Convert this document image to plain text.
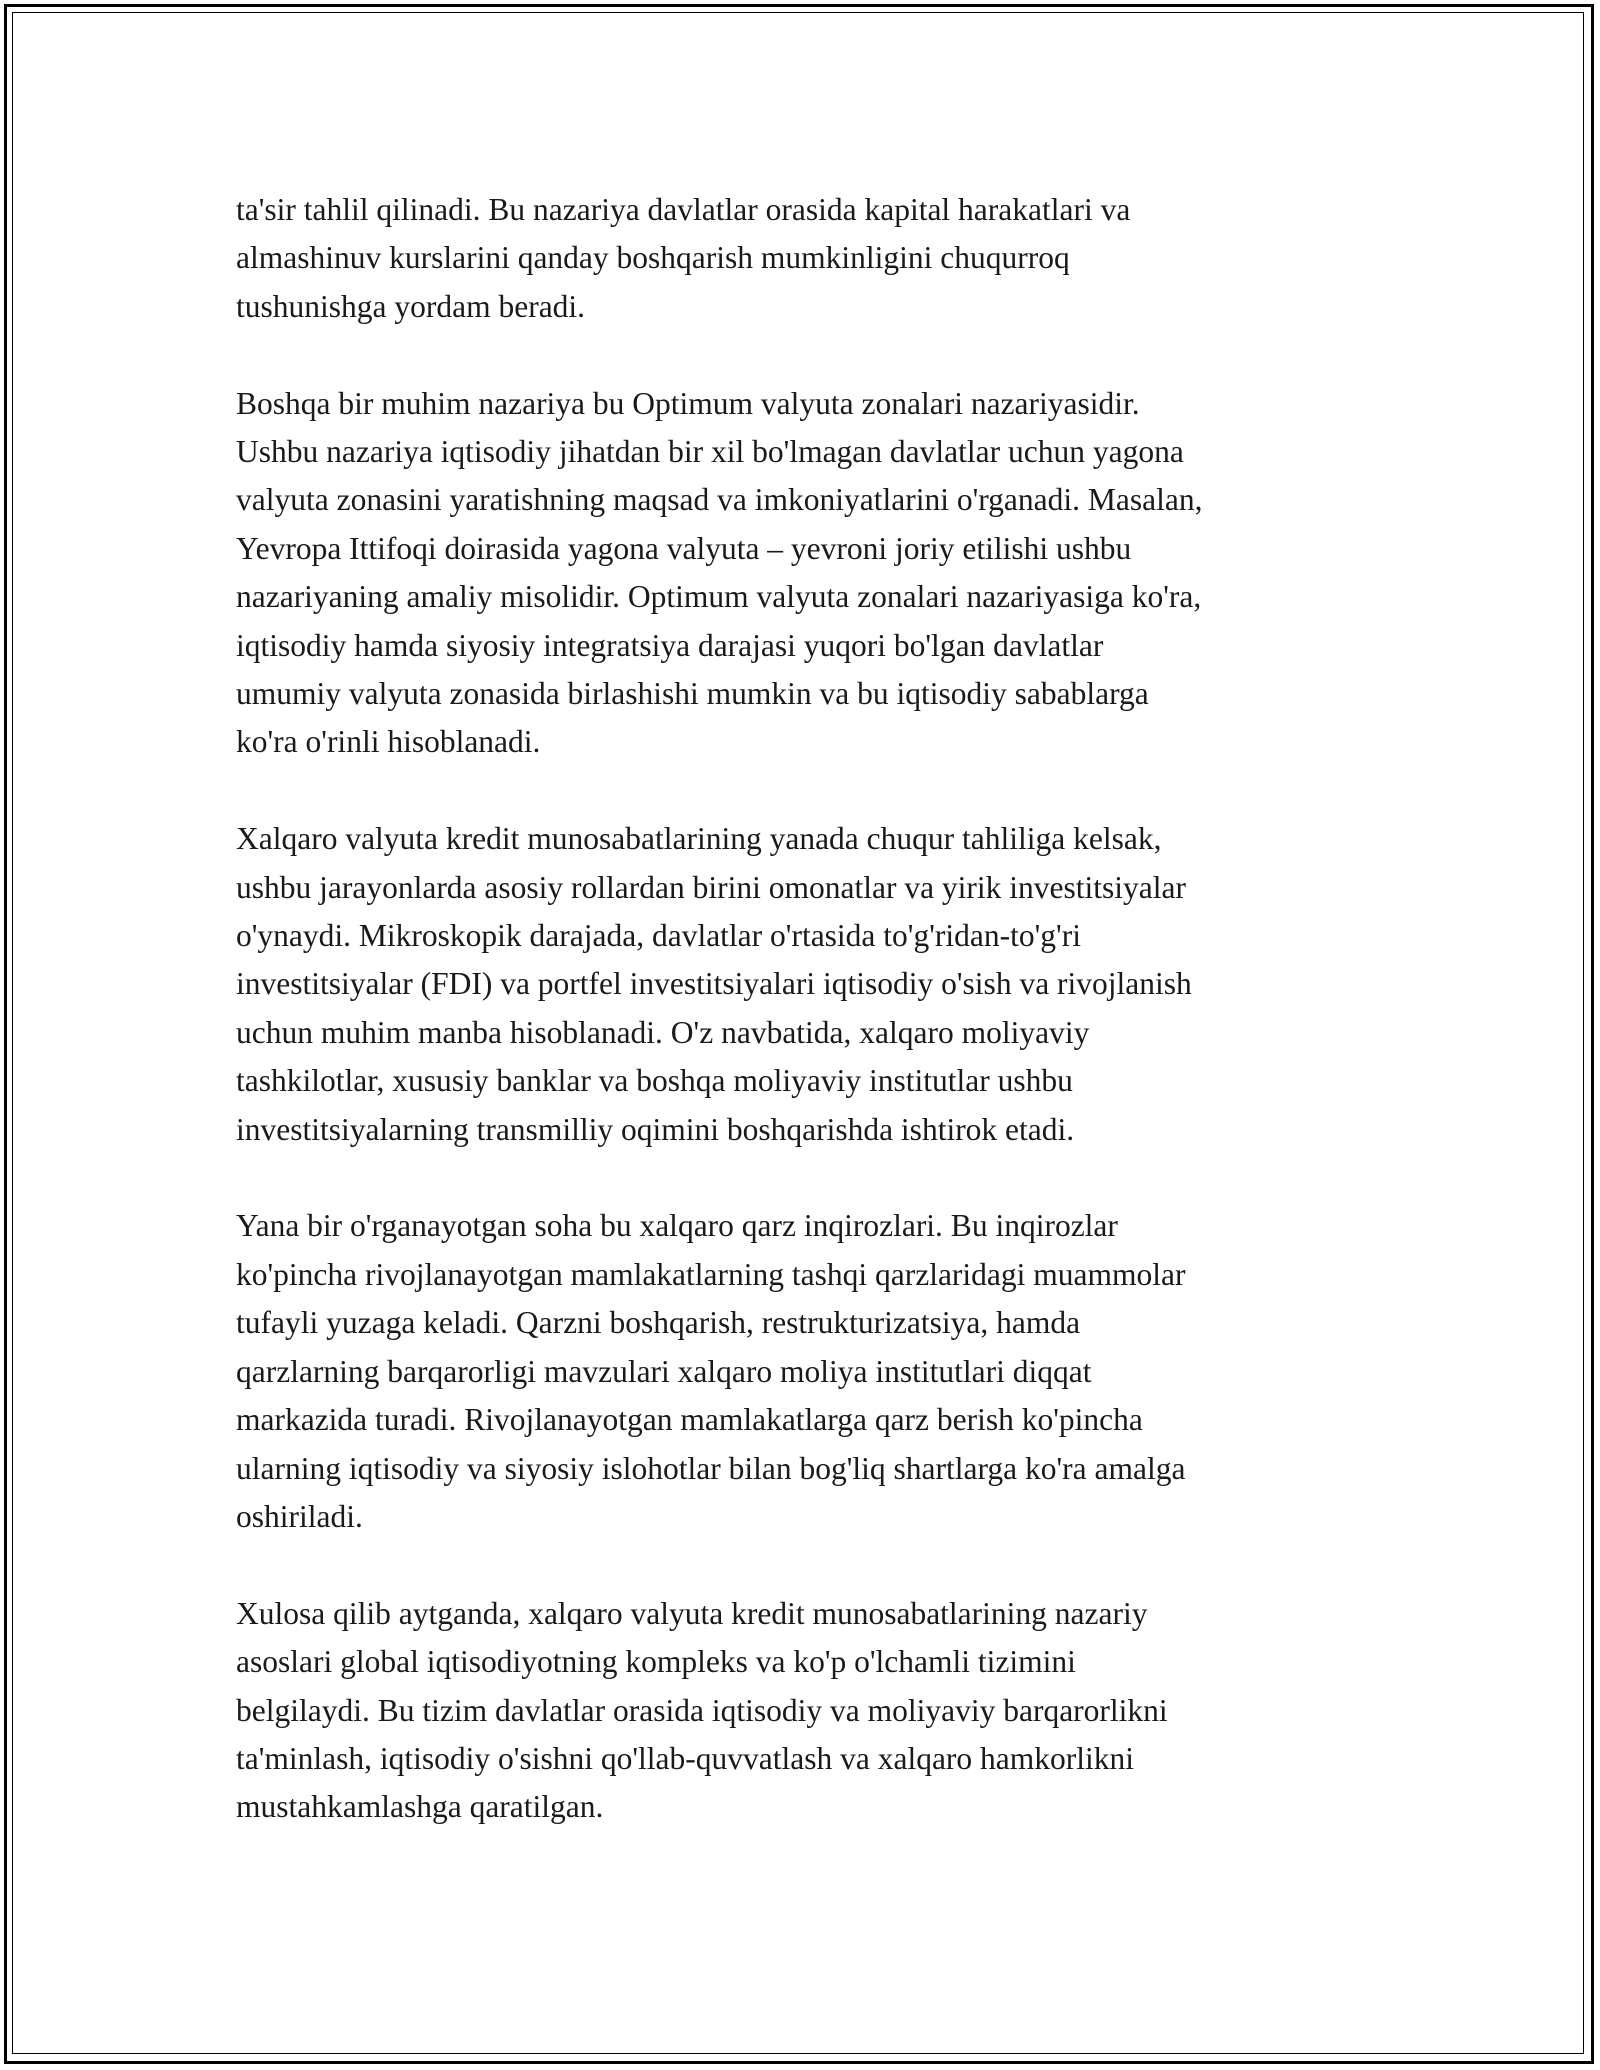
ta'sir tahlil qilinadi. Bu nazariya davlatlar orasida kapital harakatlari va
almashinuv kurslarini qanday boshqarish mumkinligini chuqurroq
tushunishga yordam beradi.

Boshqa bir muhim nazariya bu Optimum valyuta zonalari nazariyasidir.
Ushbu nazariya iqtisodiy jihatdan bir xil bo'lmagan davlatlar uchun yagona
valyuta zonasini yaratishning maqsad va imkoniyatlarini o'rganadi. Masalan,
Yevropa Ittifoqi doirasida yagona valyuta – yevroni joriy etilishi ushbu
nazariyaning amaliy misolidir. Optimum valyuta zonalari nazariyasiga ko'ra,
iqtisodiy hamda siyosiy integratsiya darajasi yuqori bo'lgan davlatlar
umumiy valyuta zonasida birlashishi mumkin va bu iqtisodiy sabablarga
ko'ra o'rinli hisoblanadi.

Xalqaro valyuta kredit munosabatlarining yanada chuqur tahliliga kelsak,
ushbu jarayonlarda asosiy rollardan birini omonatlar va yirik investitsiyalar
o'ynaydi. Mikroskopik darajada, davlatlar o'rtasida to'g'ridan-to'g'ri
investitsiyalar (FDI) va portfel investitsiyalari iqtisodiy o'sish va rivojlanish
uchun muhim manba hisoblanadi. O'z navbatida, xalqaro moliyaviy
tashkilotlar, xususiy banklar va boshqa moliyaviy institutlar ushbu
investitsiyalarning transmilliy oqimini boshqarishda ishtirok etadi.

Yana bir o'rganayotgan soha bu xalqaro qarz inqirozlari. Bu inqirozlar
ko'pincha rivojlanayotgan mamlakatlarning tashqi qarzlaridagi muammolar
tufayli yuzaga keladi. Qarzni boshqarish, restrukturizatsiya, hamda
qarzlarning barqarorligi mavzulari xalqaro moliya institutlari diqqat
markazida turadi. Rivojlanayotgan mamlakatlarga qarz berish ko'pincha
ularning iqtisodiy va siyosiy islohotlar bilan bog'liq shartlarga ko'ra amalga
oshiriladi.

Xulosa qilib aytganda, xalqaro valyuta kredit munosabatlarining nazariy
asoslari global iqtisodiyotning kompleks va ko'p o'lchamli tizimini
belgilaydi. Bu tizim davlatlar orasida iqtisodiy va moliyaviy barqarorlikni
ta'minlash, iqtisodiy o'sishni qo'llab-quvvatlash va xalqaro hamkorlikni
mustahkamlashga qaratilgan.
